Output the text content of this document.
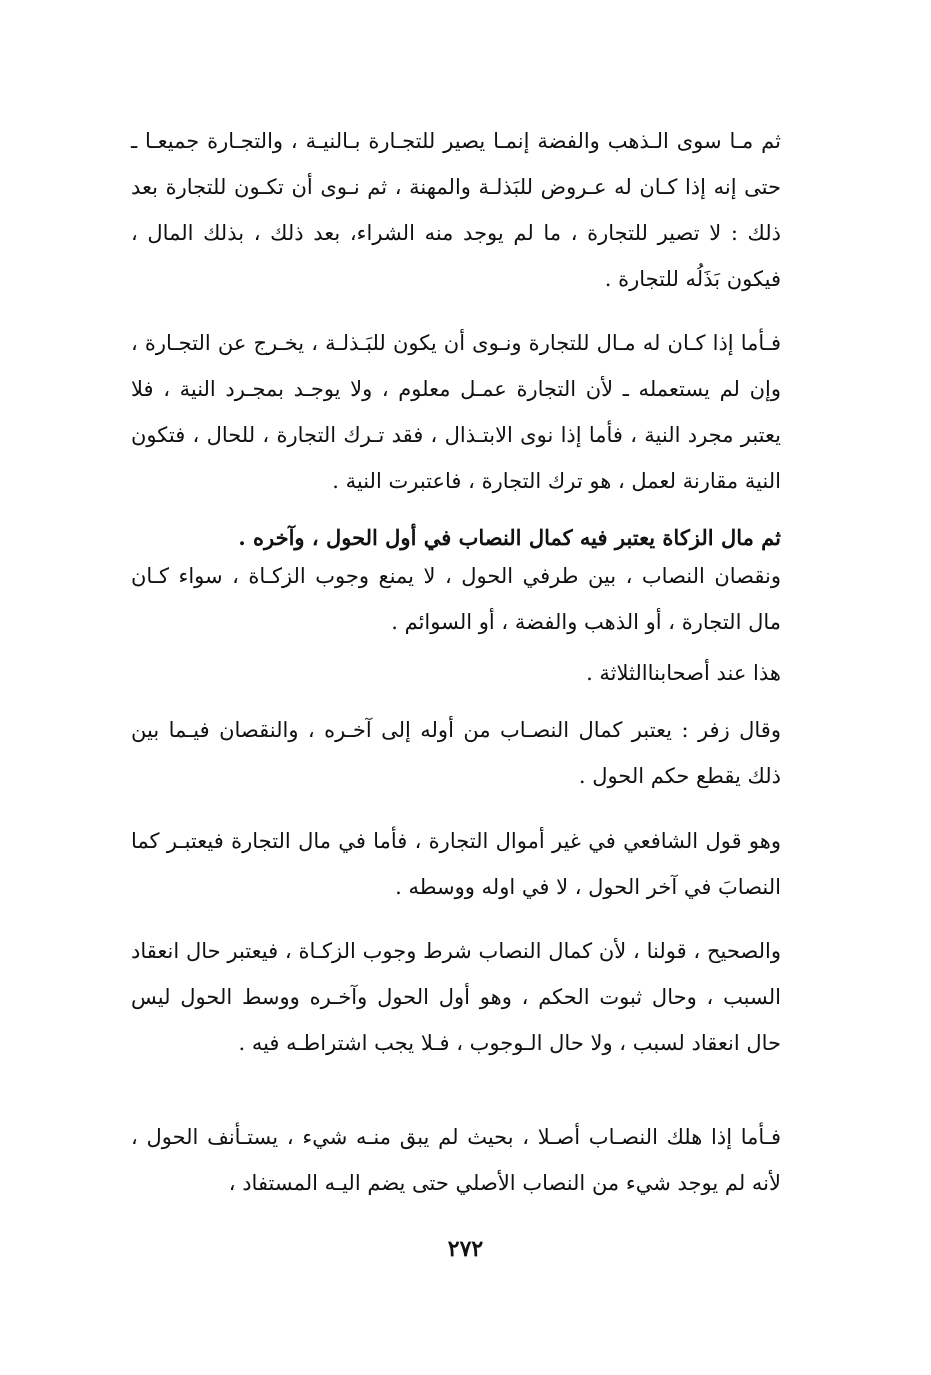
ثم مـا سوى الـذهب والفضة إنمـا يصير للتجـارة بـالنيـة ، والتجـارة جميعـا ـ حتى إنه إذا كـان له عـروض للبَذلـة والمهنة ، ثم نـوى أن تكـون للتجارة بعد ذلك : لا تصير للتجارة ، ما لم يوجد منه الشراء، بعد ذلك ، بذلك المال ، فيكون بَذَلُه للتجارة .

فـأما إذا كـان له مـال للتجارة ونـوى أن يكون للبَـذلـة ، يخـرج عن التجـارة ، وإن لم يستعمله ـ لأن التجارة عمـل معلوم ، ولا يوجـد بمجـرد النية ، فلا يعتبر مجرد النية ، فأما إذا نوى الابتـذال ، فقد تـرك التجارة ، للحال ، فتكون النية مقارنة لعمل ، هو ترك التجارة ، فاعتبرت النية .

ثم مال الزكاة يعتبر فيه كمال النصاب في أول الحول ، وآخره .

ونقصان النصاب ، بين طرفي الحول ، لا يمنع وجوب الزكـاة ، سواء كـان مال التجارة ، أو الذهب والفضة ، أو السوائم .

هذا عند أصحابناالثلاثة .

وقال زفر : يعتبر كمال النصـاب من أوله إلى آخـره ، والنقصان فيـما بين ذلك يقطع حكم الحول .

وهو قول الشافعي في غير أموال التجارة ، فأما في مال التجارة فيعتبـر كما النصابَ في آخر الحول ، لا في اوله ووسطه .

والصحيح ، قولنا ، لأن كمال النصاب شرط وجوب الزكـاة ، فيعتبر حال انعقاد السبب ، وحال ثبوت الحكم ، وهو أول الحول وآخـره ووسط الحول ليس حال انعقاد لسبب ، ولا حال الـوجوب ، فـلا يجب اشتراطـه فيه .

فـأما إذا هلك النصـاب أصـلا ، بحيث لم يبق منـه شيء ، يستـأنف الحول ، لأنه لم يوجد شيء من النصاب الأصلي حتى يضم اليـه المستفاد ،

٢٧٢
